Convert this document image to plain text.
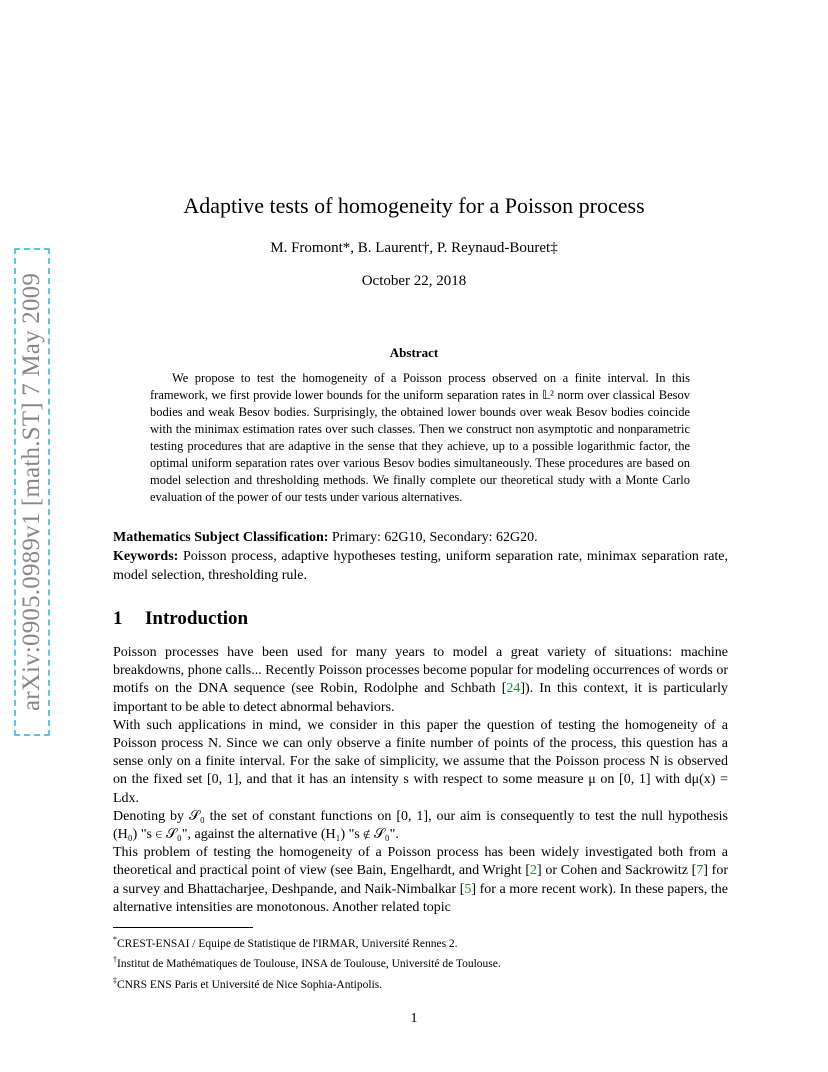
arXiv:0905.0989v1 [math.ST] 7 May 2009
Adaptive tests of homogeneity for a Poisson process
M. Fromont*, B. Laurent†, P. Reynaud-Bouret‡
October 22, 2018
Abstract
We propose to test the homogeneity of a Poisson process observed on a finite interval. In this framework, we first provide lower bounds for the uniform separation rates in 𝕃² norm over classical Besov bodies and weak Besov bodies. Surprisingly, the obtained lower bounds over weak Besov bodies coincide with the minimax estimation rates over such classes. Then we construct non asymptotic and nonparametric testing procedures that are adaptive in the sense that they achieve, up to a possible logarithmic factor, the optimal uniform separation rates over various Besov bodies simultaneously. These procedures are based on model selection and thresholding methods. We finally complete our theoretical study with a Monte Carlo evaluation of the power of our tests under various alternatives.
Mathematics Subject Classification: Primary: 62G10, Secondary: 62G20.
Keywords: Poisson process, adaptive hypotheses testing, uniform separation rate, minimax separation rate, model selection, thresholding rule.
1 Introduction

Poisson processes have been used for many years to model a great variety of situations: machine breakdowns, phone calls... Recently Poisson processes become popular for modeling occurrences of words or motifs on the DNA sequence (see Robin, Rodolphe and Schbath [24]). In this context, it is particularly important to be able to detect abnormal behaviors.

With such applications in mind, we consider in this paper the question of testing the homogeneity of a Poisson process N. Since we can only observe a finite number of points of the process, this question has a sense only on a finite interval. For the sake of simplicity, we assume that the Poisson process N is observed on the fixed set [0, 1], and that it has an intensity s with respect to some measure μ on [0, 1] with dμ(x) = Ldx.

Denoting by 𝒮₀ the set of constant functions on [0, 1], our aim is consequently to test the null hypothesis (H₀) "s ∈ 𝒮₀", against the alternative (H₁) "s ∉ 𝒮₀".

This problem of testing the homogeneity of a Poisson process has been widely investigated both from a theoretical and practical point of view (see Bain, Engelhardt, and Wright [2] or Cohen and Sackrowitz [7] for a survey and Bhattacharjee, Deshpande, and Naik-Nimbalkar [5] for a more recent work). In these papers, the alternative intensities are monotonous. Another related topic

*CREST-ENSAI / Equipe de Statistique de l'IRMAR, Université Rennes 2.
†Institut de Mathématiques de Toulouse, INSA de Toulouse, Université de Toulouse.
‡CNRS ENS Paris et Université de Nice Sophia-Antipolis.
1
